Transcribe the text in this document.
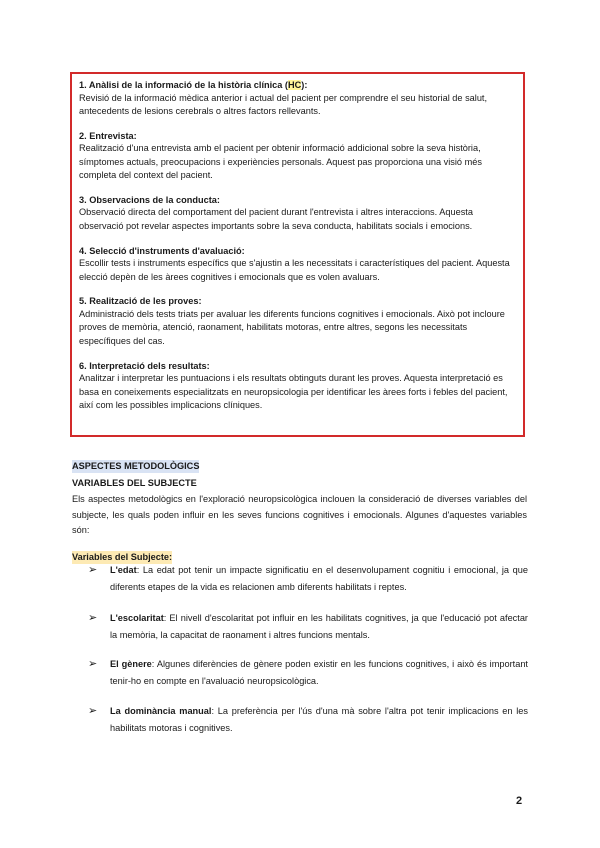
1. Anàlisi de la informació de la història clínica (HC):
Revisió de la informació mèdica anterior i actual del pacient per comprendre el seu historial de salut, antecedents de lesions cerebrals o altres factors rellevants.
2. Entrevista:
Realització d'una entrevista amb el pacient per obtenir informació addicional sobre la seva història, símptomes actuals, preocupacions i experiències personals. Aquest pas proporciona una visió més completa del context del pacient.
3. Observacions de la conducta:
Observació directa del comportament del pacient durant l'entrevista i altres interaccions. Aquesta observació pot revelar aspectes importants sobre la seva conducta, habilitats socials i emocions.
4. Selecció d'instruments d'avaluació:
Escollir tests i instruments específics que s'ajustin a les necessitats i característiques del pacient. Aquesta elecció depèn de les àrees cognitives i emocionals que es volen avaluars.
5. Realització de les proves:
Administració dels tests triats per avaluar les diferents funcions cognitives i emocionals. Això pot incloure proves de memòria, atenció, raonament, habilitats motoras, entre altres, segons les necessitats específiques del cas.
6. Interpretació dels resultats:
Analitzar i interpretar les puntuacions i els resultats obtinguts durant les proves. Aquesta interpretació es basa en coneixements especialitzats en neuropsicologia per identificar les àrees forts i febles del pacient, així com les possibles implicacions clíniques.
ASPECTES METODOLÒGICS
VARIABLES DEL SUBJECTE
Els aspectes metodològics en l'exploració neuropsicològica inclouen la consideració de diverses variables del subjecte, les quals poden influir en les seves funcions cognitives i emocionals. Algunes d'aquestes variables són:
Variables del Subjecte:
➢ L'edat: La edat pot tenir un impacte significatiu en el desenvolupament cognitiu i emocional, ja que diferents etapes de la vida es relacionen amb diferents habilitats i reptes.
➢ L'escolaritat: El nivell d'escolaritat pot influir en les habilitats cognitives, ja que l'educació pot afectar la memòria, la capacitat de raonament i altres funcions mentals.
➢ El gènere: Algunes diferències de gènere poden existir en les funcions cognitives, i això és important tenir-ho en compte en l'avaluació neuropsicològica.
➢ La dominància manual: La preferència per l'ús d'una mà sobre l'altra pot tenir implicacions en les habilitats motoras i cognitives.
2
